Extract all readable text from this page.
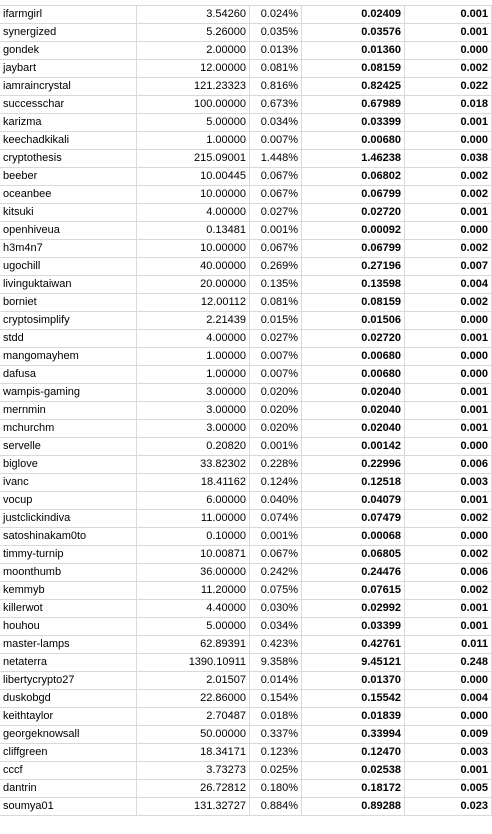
ifarmgirl	3.54260	0.024%	0.02409	0.001
synergized	5.26000	0.035%	0.03576	0.001
gondek	2.00000	0.013%	0.01360	0.000
jaybart	12.00000	0.081%	0.08159	0.002
iamraincrystal	121.23323	0.816%	0.82425	0.022
successchar	100.00000	0.673%	0.67989	0.018
karizma	5.00000	0.034%	0.03399	0.001
keechadkikali	1.00000	0.007%	0.00680	0.000
cryptothesis	215.09001	1.448%	1.46238	0.038
beeber	10.00445	0.067%	0.06802	0.002
oceanbee	10.00000	0.067%	0.06799	0.002
kitsuki	4.00000	0.027%	0.02720	0.001
openhiveua	0.13481	0.001%	0.00092	0.000
h3m4n7	10.00000	0.067%	0.06799	0.002
ugochill	40.00000	0.269%	0.27196	0.007
livinguktaiwan	20.00000	0.135%	0.13598	0.004
borniet	12.00112	0.081%	0.08159	0.002
cryptosimplify	2.21439	0.015%	0.01506	0.000
stdd	4.00000	0.027%	0.02720	0.001
mangomayhem	1.00000	0.007%	0.00680	0.000
dafusa	1.00000	0.007%	0.00680	0.000
wampis-gaming	3.00000	0.020%	0.02040	0.001
mernmin	3.00000	0.020%	0.02040	0.001
mchurchm	3.00000	0.020%	0.02040	0.001
servelle	0.20820	0.001%	0.00142	0.000
biglove	33.82302	0.228%	0.22996	0.006
ivanc	18.41162	0.124%	0.12518	0.003
vocup	6.00000	0.040%	0.04079	0.001
justclickindiva	11.00000	0.074%	0.07479	0.002
satoshinakam0to	0.10000	0.001%	0.00068	0.000
timmy-turnip	10.00871	0.067%	0.06805	0.002
moonthumb	36.00000	0.242%	0.24476	0.006
kemmyb	11.20000	0.075%	0.07615	0.002
killerwot	4.40000	0.030%	0.02992	0.001
houhou	5.00000	0.034%	0.03399	0.001
master-lamps	62.89391	0.423%	0.42761	0.011
netaterra	1390.10911	9.358%	9.45121	0.248
libertycrypto27	2.01507	0.014%	0.01370	0.000
duskobgd	22.86000	0.154%	0.15542	0.004
keithtaylor	2.70487	0.018%	0.01839	0.000
georgeknowsall	50.00000	0.337%	0.33994	0.009
cliffgreen	18.34171	0.123%	0.12470	0.003
cccf	3.73273	0.025%	0.02538	0.001
dantrin	26.72812	0.180%	0.18172	0.005
soumya01	131.32727	0.884%	0.89288	0.023
